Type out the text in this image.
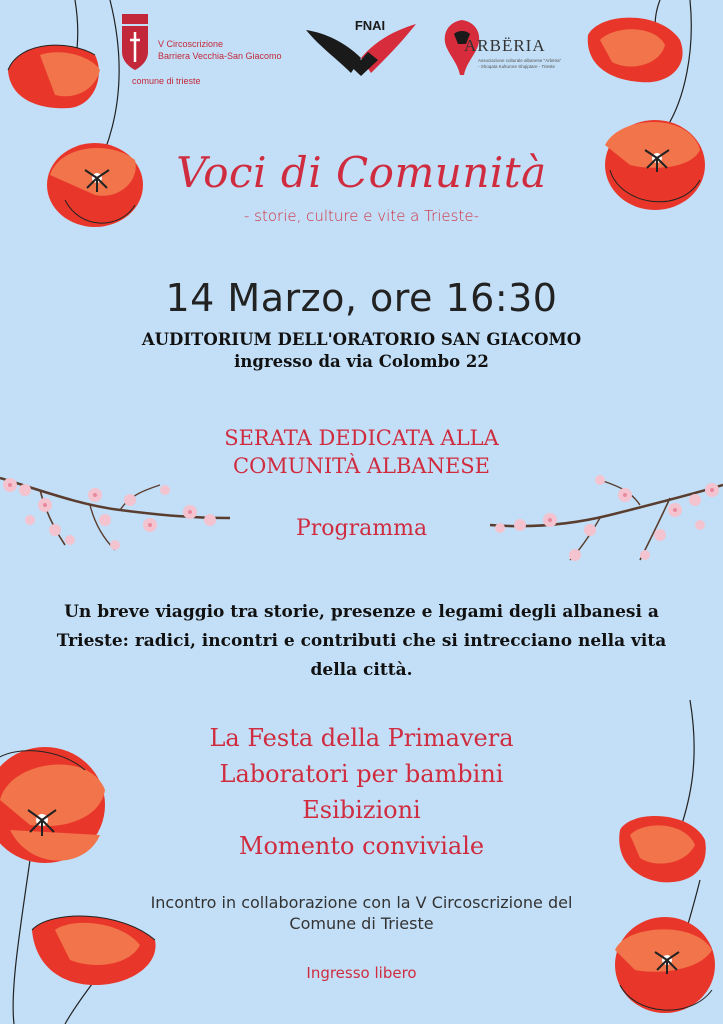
V Circoscrizione
Barriera Vecchia-San Giacomo
comune di trieste
FNAI
ARBËRIA
Associazione culturale albanese "Arbëria" - Shoqata Kulturore Shqiptare - Trieste
Voci di Comunità
- storie, culture e vite a Trieste-
14 Marzo, ore 16:30
AUDITORIUM DELL'ORATORIO SAN GIACOMO
ingresso da via Colombo 22
SERATA DEDICATA ALLA
COMUNITÀ ALBANESE
Programma
Un breve viaggio tra storie, presenze e legami degli albanesi a
Trieste: radici, incontri e contributi che si intrecciano nella vita
della città.
La Festa della Primavera
Laboratori per bambini
Esibizioni
Momento conviviale
Incontro in collaborazione con la V Circoscrizione del
Comune di Trieste
Ingresso libero
